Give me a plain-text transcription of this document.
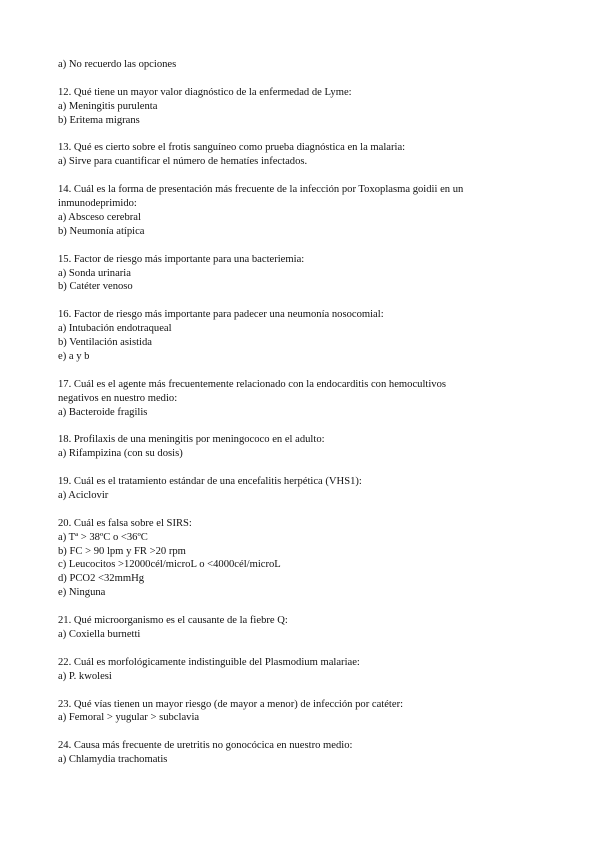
a) No recuerdo las opciones
12. Qué tiene un mayor valor diagnóstico de la enfermedad de Lyme:
a) Meningitis purulenta
b) Eritema migrans
13. Qué es cierto sobre el frotis sanguíneo como prueba diagnóstica en la malaria:
a) Sirve para cuantificar el número de hematíes infectados.
14. Cuál es la forma de presentación más frecuente de la infección por Toxoplasma goidii en un
inmunodeprimido:
a) Absceso cerebral
b) Neumonía atípica
15. Factor de riesgo más importante para una bacteriemia:
a) Sonda urinaria
b) Catéter venoso
16. Factor de riesgo más importante para padecer una neumonía nosocomial:
a) Intubación endotraqueal
b) Ventilación asistida
e) a y b
17. Cuál es el agente más frecuentemente relacionado con la endocarditis con hemocultivos
negativos en nuestro medio:
a) Bacteroide fragilis
18. Profilaxis de una meningitis por meningococo en el adulto:
a) Rifampizina (con su dosis)
19. Cuál es el tratamiento estándar de una encefalitis herpética (VHS1):
a) Aciclovir
20. Cuál es falsa sobre el SIRS:
a) Tª > 38ºC o <36ºC
b) FC > 90 lpm y FR >20 rpm
c) Leucocitos >12000cél/microL o <4000cél/microL
d) PCO2 <32mmHg
e) Ninguna
21. Qué microorganismo es el causante de la fiebre Q:
a) Coxiella burnetti
22. Cuál es morfológicamente indistinguible del Plasmodium malariae:
a) P. kwolesi
23. Qué vías tienen un mayor riesgo (de mayor a menor) de infección por catéter:
a) Femoral > yugular > subclavia
24. Causa más frecuente de uretritis no gonocócica en nuestro medio:
a) Chlamydia trachomatis
